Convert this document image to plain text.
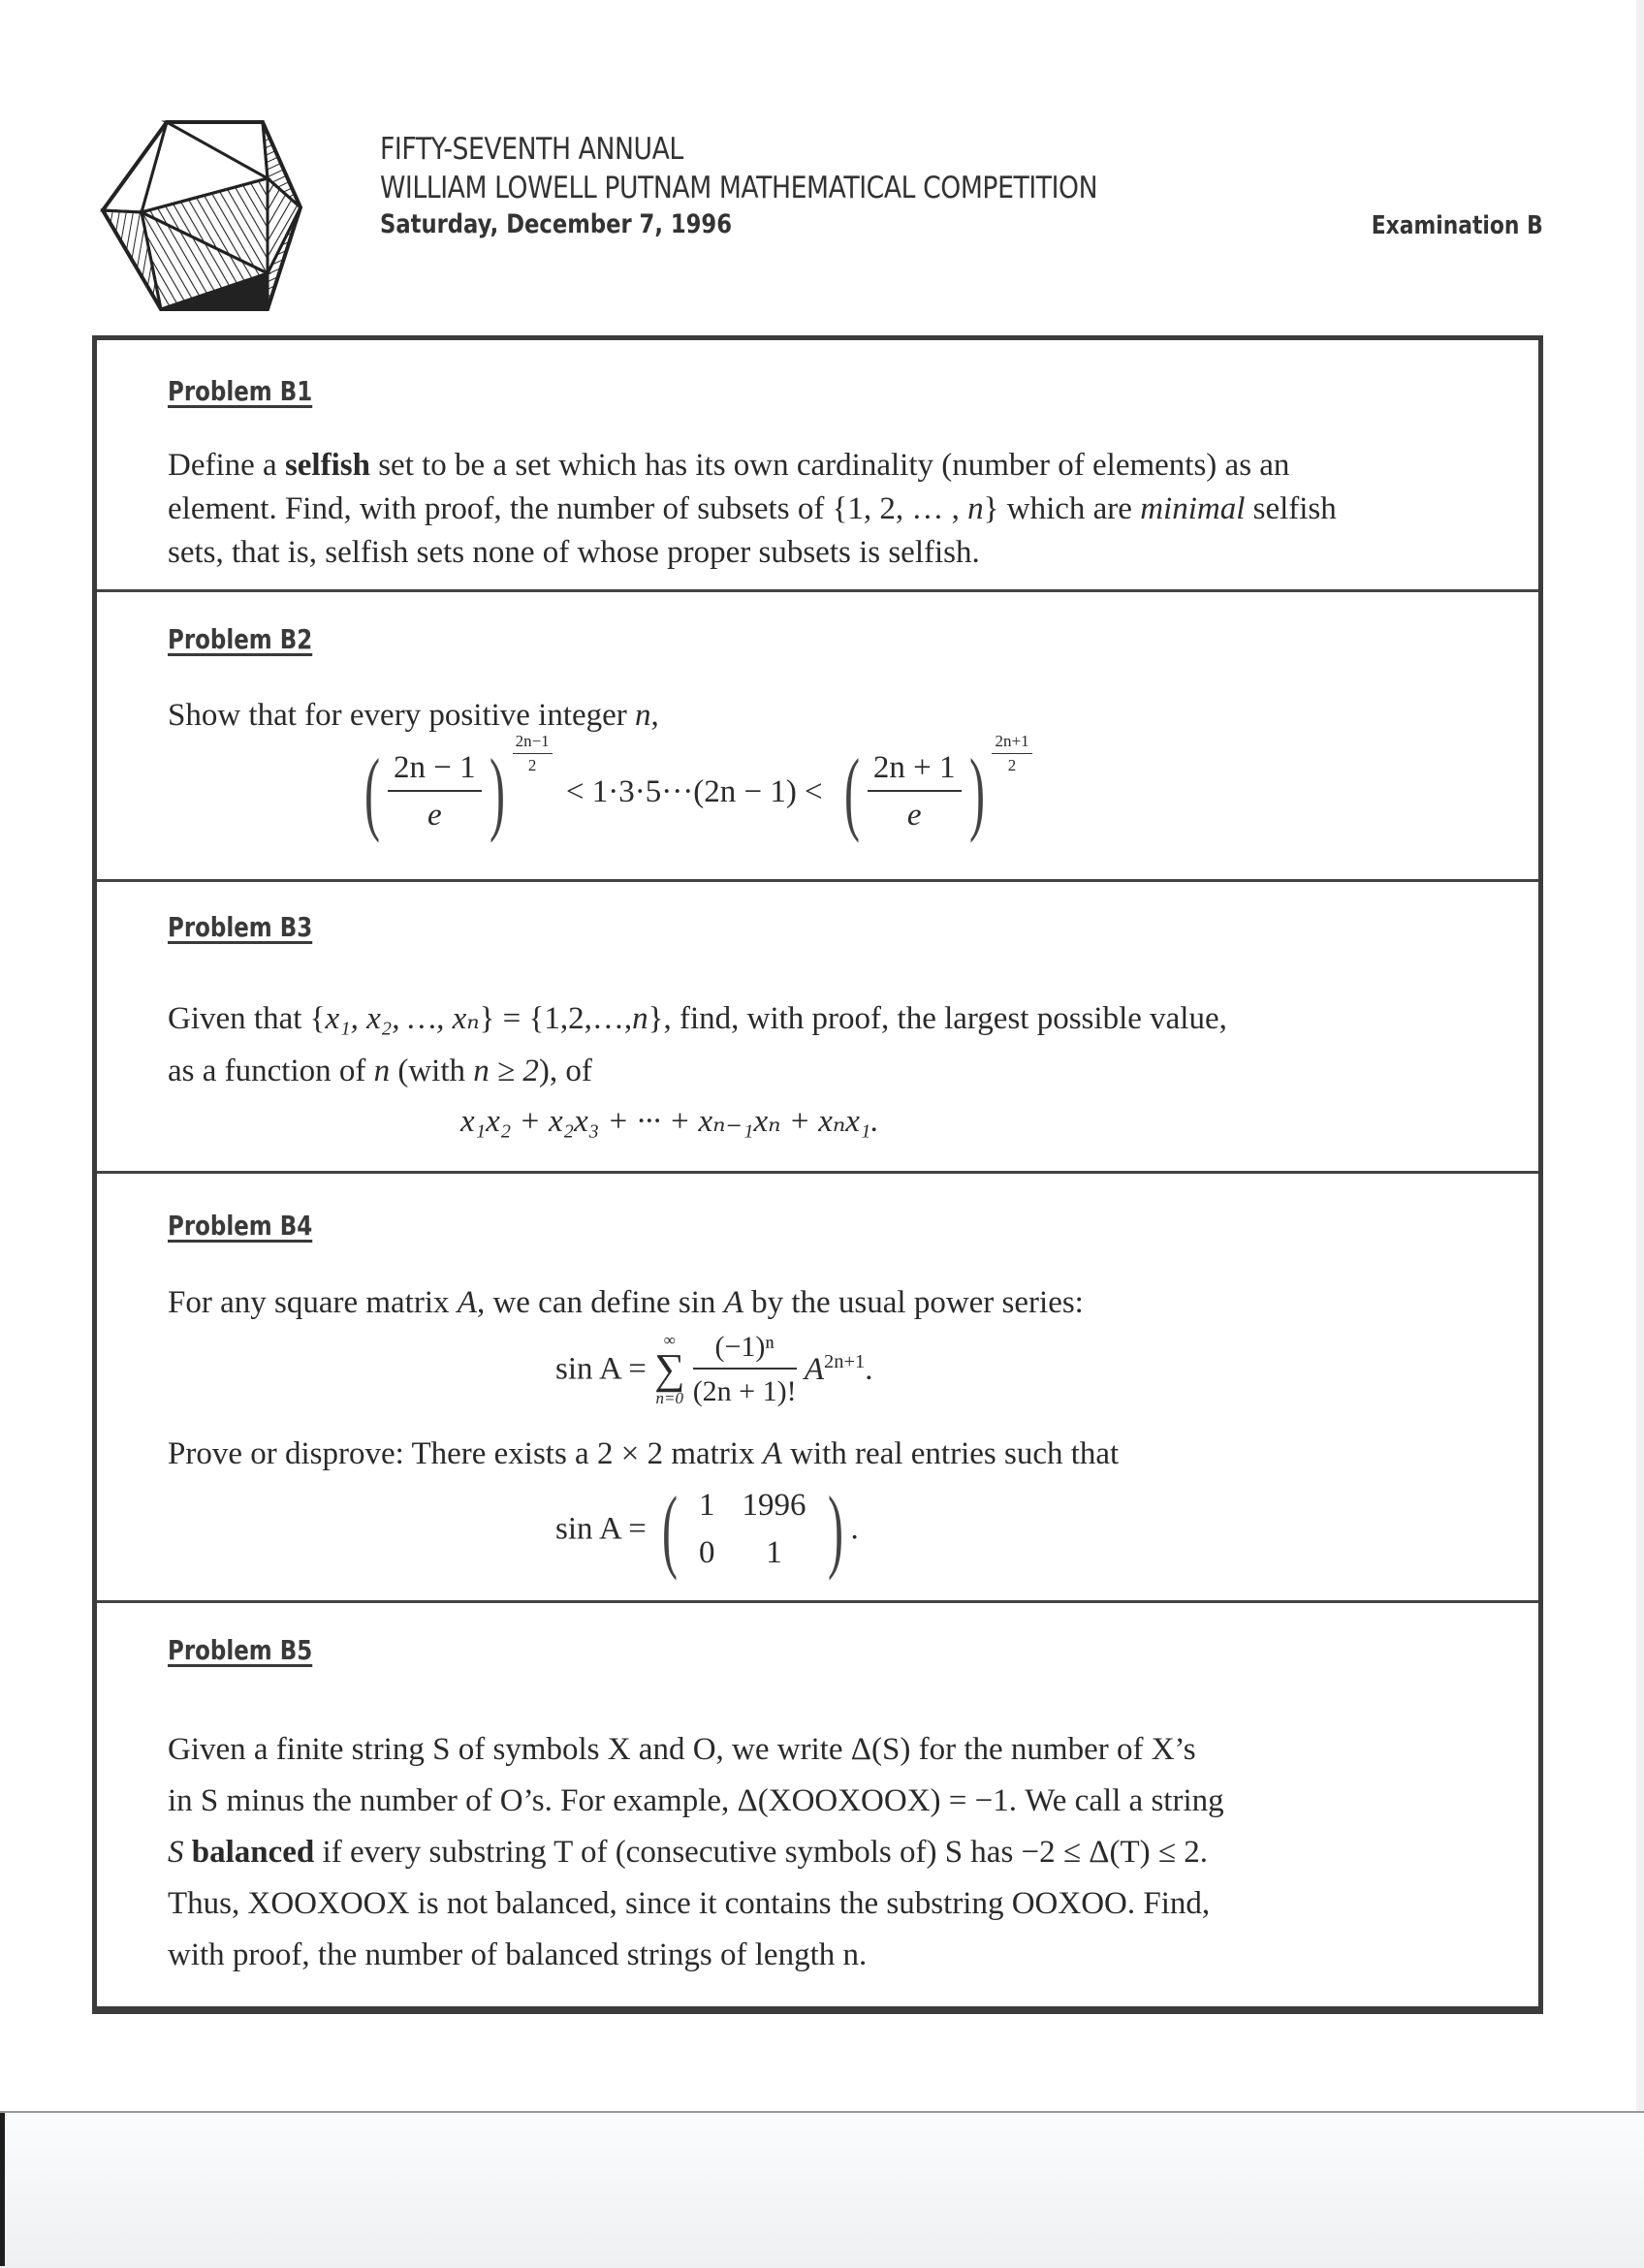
FIFTY-SEVENTH ANNUAL
WILLIAM LOWELL PUTNAM MATHEMATICAL COMPETITION
Saturday, December 7, 1996	Examination B
Problem B1
Define a selfish set to be a set which has its own cardinality (number of elements) as an
element. Find, with proof, the number of subsets of {1, 2, … , n} which are minimal selfish
sets, that is, selfish sets none of whose proper subsets is selfish.
Problem B2
Show that for every positive integer n,
( $\frac{2n - 1}{e}$ ) $\frac{2n-1}{2}$
< 1·3·5···(2n − 1) < ( $\frac{2n + 1}{e}$ ) $\frac{2n+1}{2}$
Problem B3
Given that {x₁, x₂, …, xₙ} = {1,2,…,n}, find, with proof, the largest possible value,
as a function of n (with n ≥ 2), of
x₁x₂ + x₂x₃ + ··· + xₙ₋₁xₙ + xₙx₁.
Problem B4
For any square matrix A, we can define sin A by the usual power series:
sin A = ∞
∑
$n=0 \frac{\text{(−1)ⁿ}}{(2n + 1)!} A^{2n+1}$.
Prove or disprove: There exists a 2 × 2 matrix A with real entries such that
sin A = ( 1	1996
0	1 ) .
Problem B5
Given a finite string S of symbols X and O, we write Δ(S) for the number of X’s
in S minus the number of O’s. For example, Δ(XOOXOOX) = −1. We call a string
S balanced if every substring T of (consecutive symbols of) S has −2 ≤ Δ(T) ≤ 2.
Thus, XOOXOOX is not balanced, since it contains the substring OOXOO. Find,
with proof, the number of balanced strings of length n.
